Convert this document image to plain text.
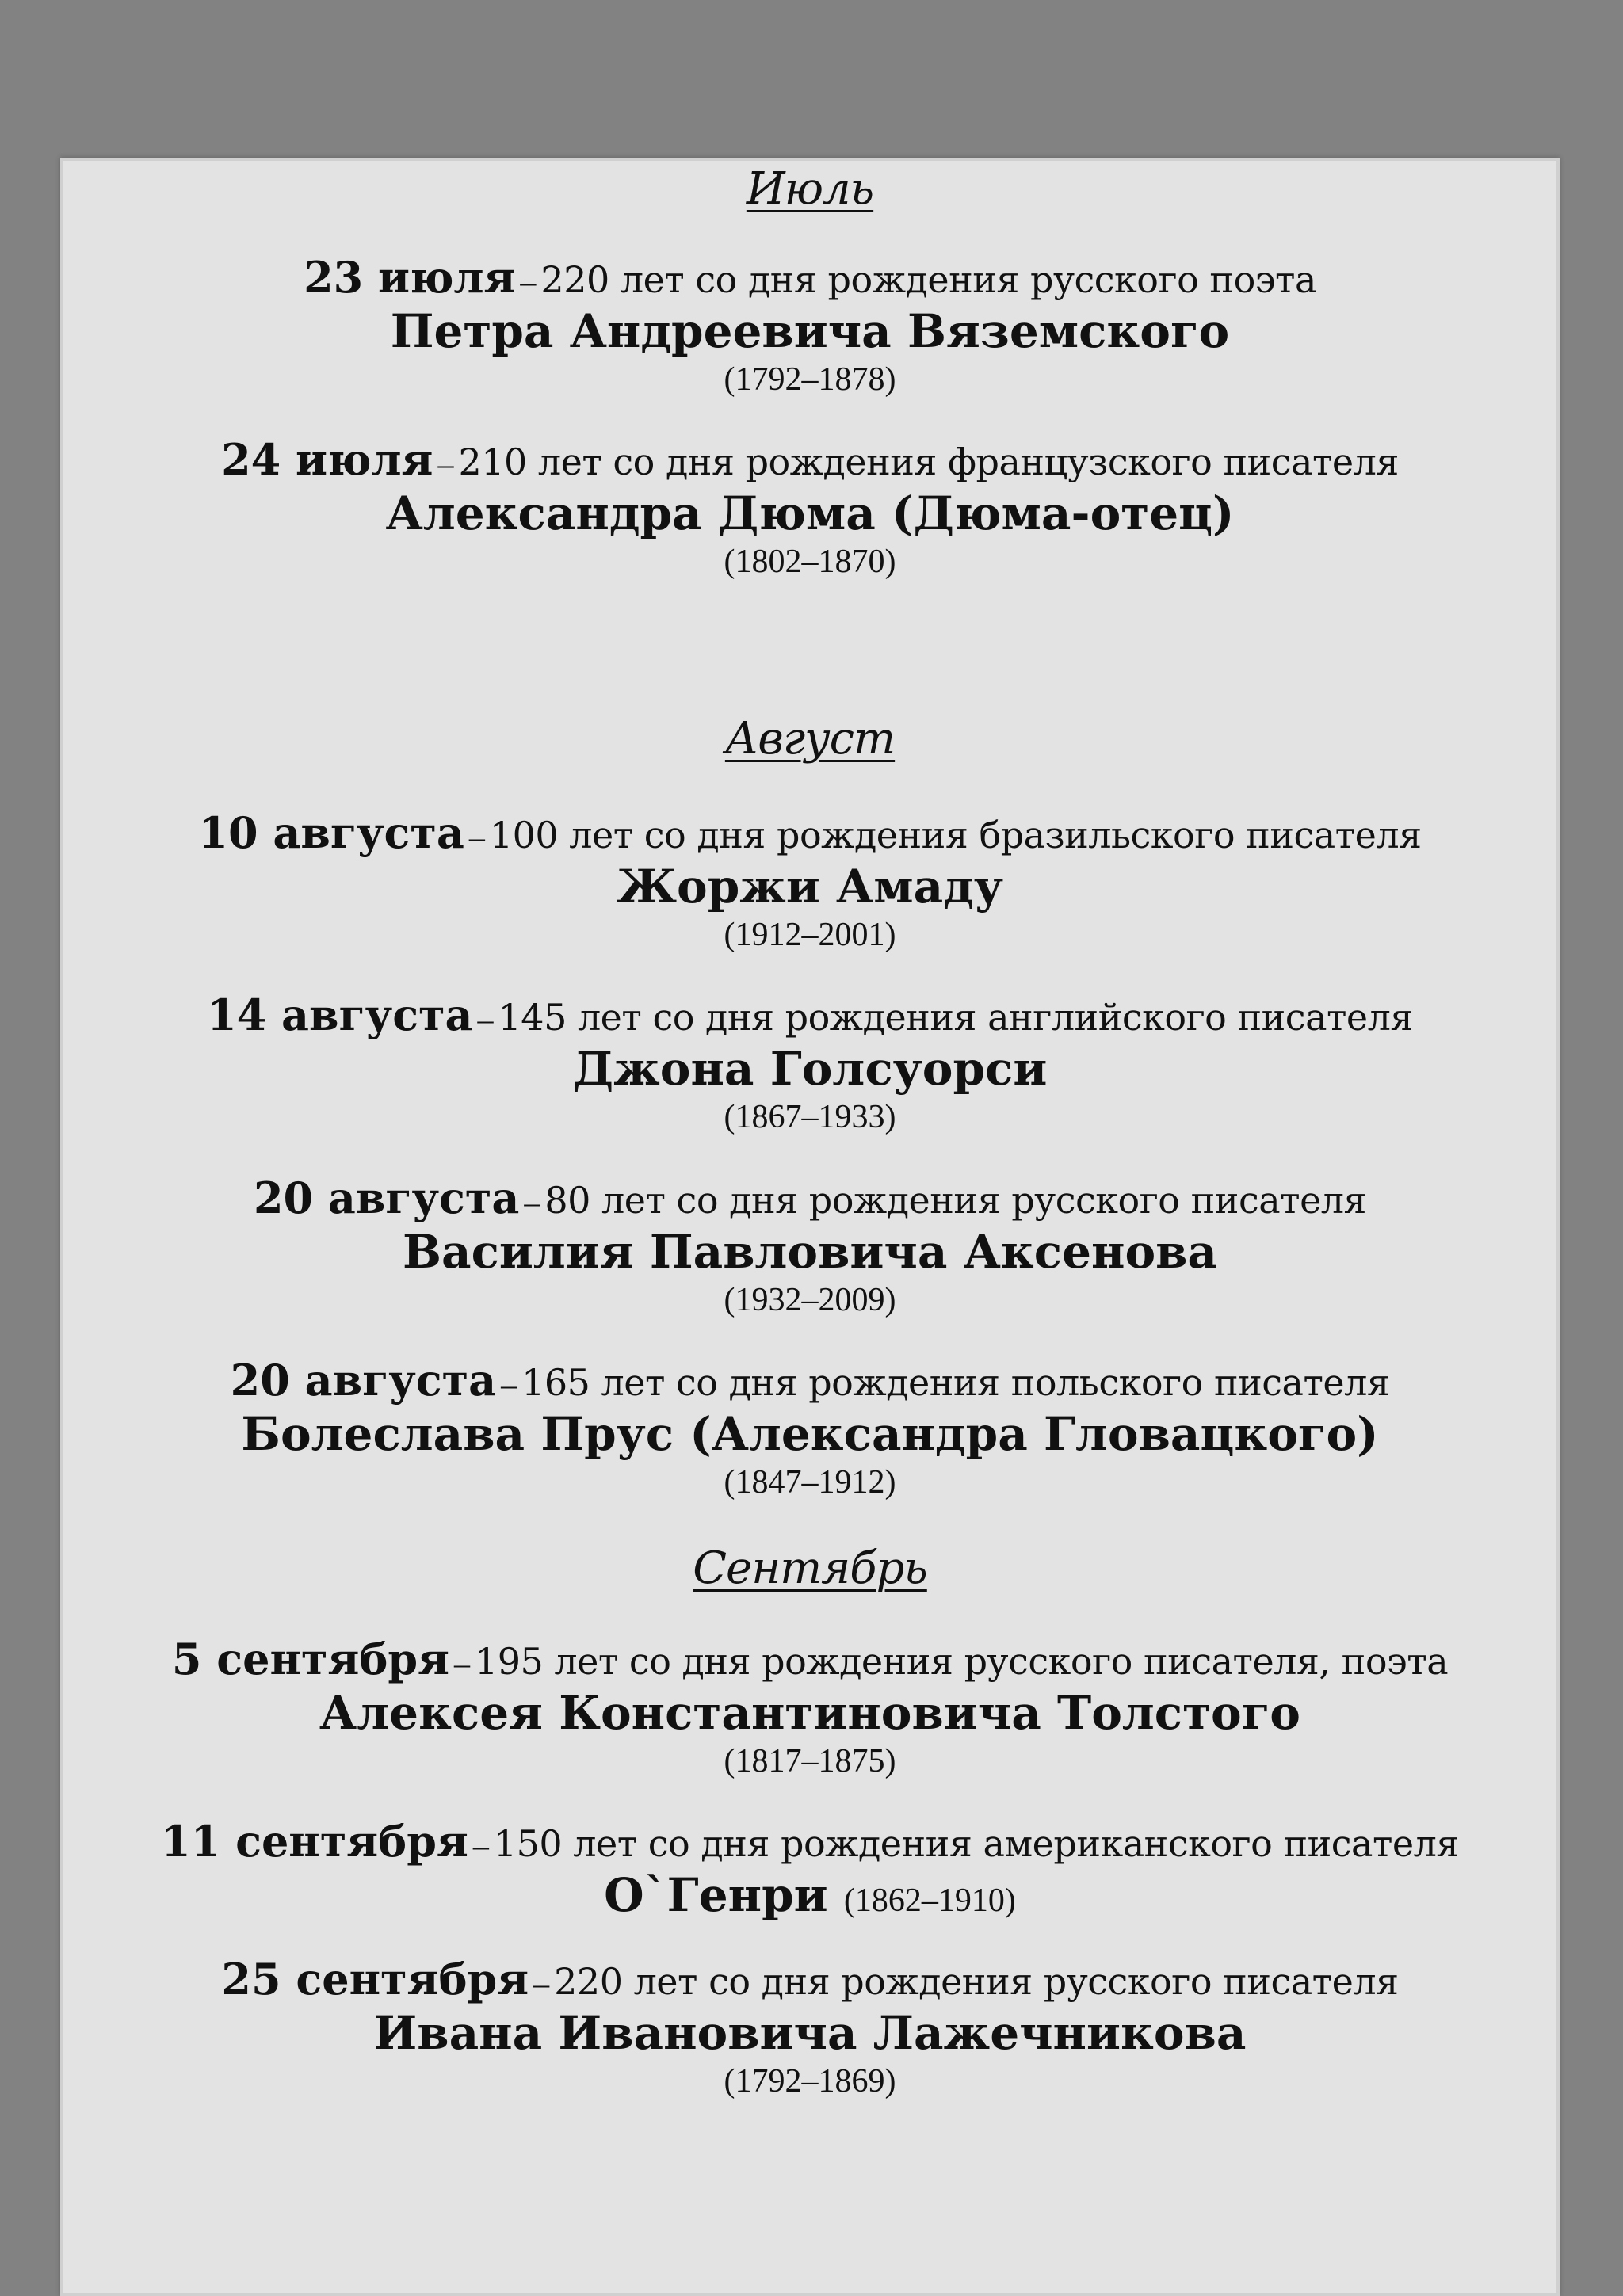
Июль
23 июля – 220 лет со дня рождения русского поэта
Петра Андреевича Вяземского
(1792–1878)
24 июля – 210 лет со дня рождения французского писателя
Александра Дюма (Дюма-отец)
(1802–1870)
Август
10 августа – 100 лет со дня рождения бразильского писателя
Жоржи Амаду
(1912–2001)
14 августа – 145 лет со дня рождения английского писателя
Джона Голсуорси
(1867–1933)
20 августа – 80 лет со дня рождения русского писателя
Василия Павловича Аксенова
(1932–2009)
20 августа – 165 лет со дня рождения польского писателя
Болеслава Прус (Александра Гловацкого)
(1847–1912)
Сентябрь
5 сентября – 195 лет со дня рождения русского писателя, поэта
Алексея Константиновича Толстого
(1817–1875)
11 сентября – 150 лет со дня рождения американского писателя
О`Генри (1862–1910)
25 сентября – 220 лет со дня рождения русского писателя
Ивана Ивановича Лажечникова
(1792–1869)
